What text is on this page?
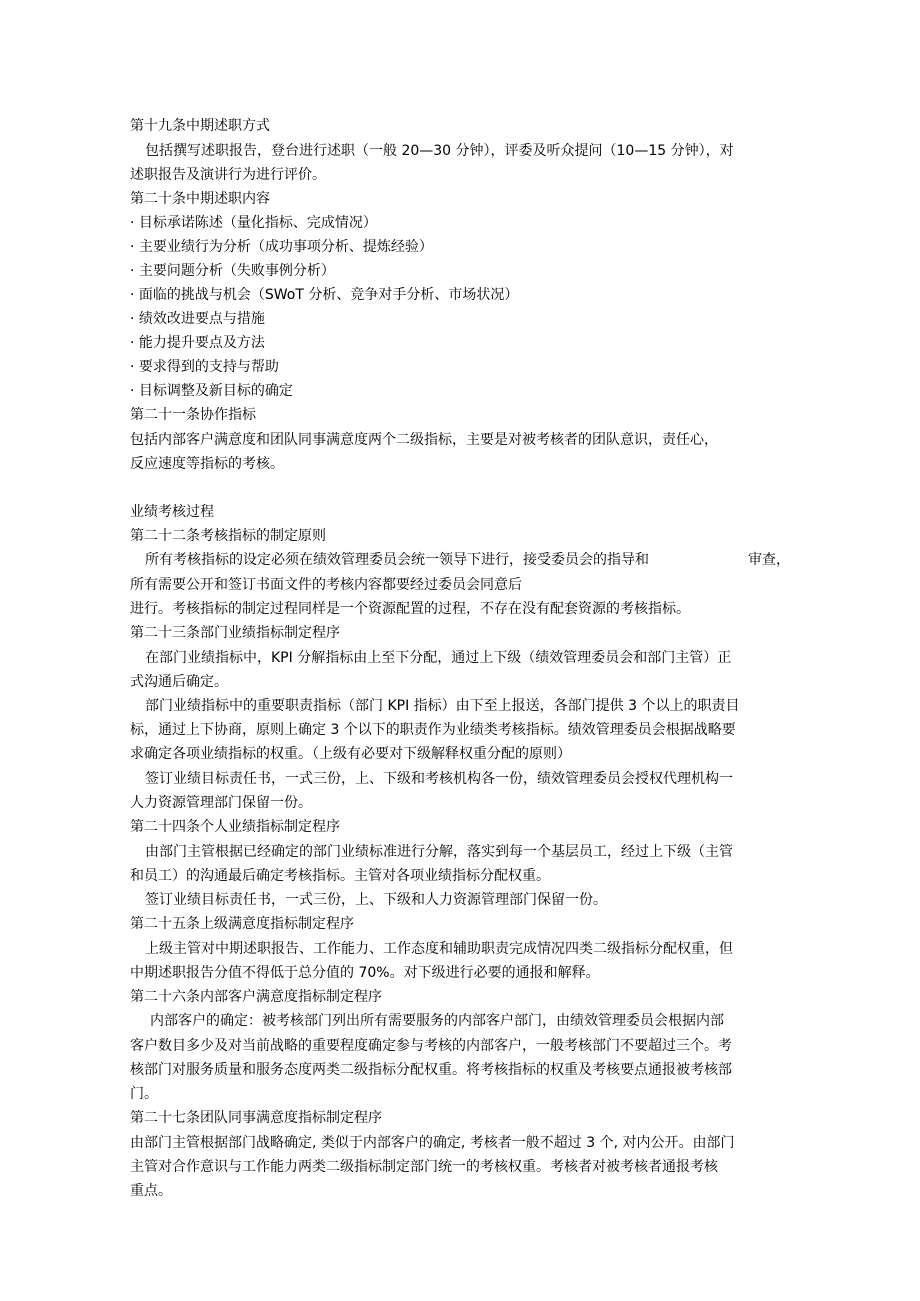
第十九条中期述职方式
包括撰写述职报告，登台进行述职（一般 20—30 分钟），评委及听众提问（10—15 分钟），对
述职报告及演讲行为进行评价。
第二十条中期述职内容
· 目标承诺陈述（量化指标、完成情况）
· 主要业绩行为分析（成功事项分析、提炼经验）
· 主要问题分析（失败事例分析）
· 面临的挑战与机会（SWoT 分析、竞争对手分析、市场状况）
· 绩效改进要点与措施
· 能力提升要点及方法
· 要求得到的支持与帮助
· 目标调整及新目标的确定
第二十一条协作指标
包括内部客户满意度和团队同事满意度两个二级指标，主要是对被考核者的团队意识，责任心，
反应速度等指标的考核。
业绩考核过程
第二十二条考核指标的制定原则
所有考核指标的设定必须在绩效管理委员会统一领导下进行，接受委员会的指导和	审查，
所有需要公开和签订书面文件的考核内容都要经过委员会同意后
进行。考核指标的制定过程同样是一个资源配置的过程，不存在没有配套资源的考核指标。
第二十三条部门业绩指标制定程序
在部门业绩指标中，KPI 分解指标由上至下分配，通过上下级（绩效管理委员会和部门主管）正
式沟通后确定。
部门业绩指标中的重要职责指标（部门 KPI 指标）由下至上报送，各部门提供 3 个以上的职责目
标，通过上下协商，原则上确定 3 个以下的职责作为业绩类考核指标。绩效管理委员会根据战略要
求确定各项业绩指标的权重。（上级有必要对下级解释权重分配的原则）
签订业绩目标责任书，一式三份，上、下级和考核机构各一份，绩效管理委员会授权代理机构一
人力资源管理部门保留一份。
第二十四条个人业绩指标制定程序
由部门主管根据已经确定的部门业绩标准进行分解，落实到每一个基层员工，经过上下级（主管
和员工）的沟通最后确定考核指标。主管对各项业绩指标分配权重。
签订业绩目标责任书，一式三份，上、下级和人力资源管理部门保留一份。
第二十五条上级满意度指标制定程序
上级主管对中期述职报告、工作能力、工作态度和辅助职责完成情况四类二级指标分配权重，但
中期述职报告分值不得低于总分值的 70%。对下级进行必要的通报和解释。
第二十六条内部客户满意度指标制定程序
内部客户的确定：被考核部门列出所有需要服务的内部客户部门，由绩效管理委员会根据内部
客户数目多少及对当前战略的重要程度确定参与考核的内部客户，一般考核部门不要超过三个。考
核部门对服务质量和服务态度两类二级指标分配权重。将考核指标的权重及考核要点通报被考核部
门。
第二十七条团队同事满意度指标制定程序
由部门主管根据部门战略确定, 类似于内部客户的确定, 考核者一般不超过 3 个, 对内公开。由部门
主管对合作意识与工作能力两类二级指标制定部门统一的考核权重。考核者对被考核者通报考核
重点。
